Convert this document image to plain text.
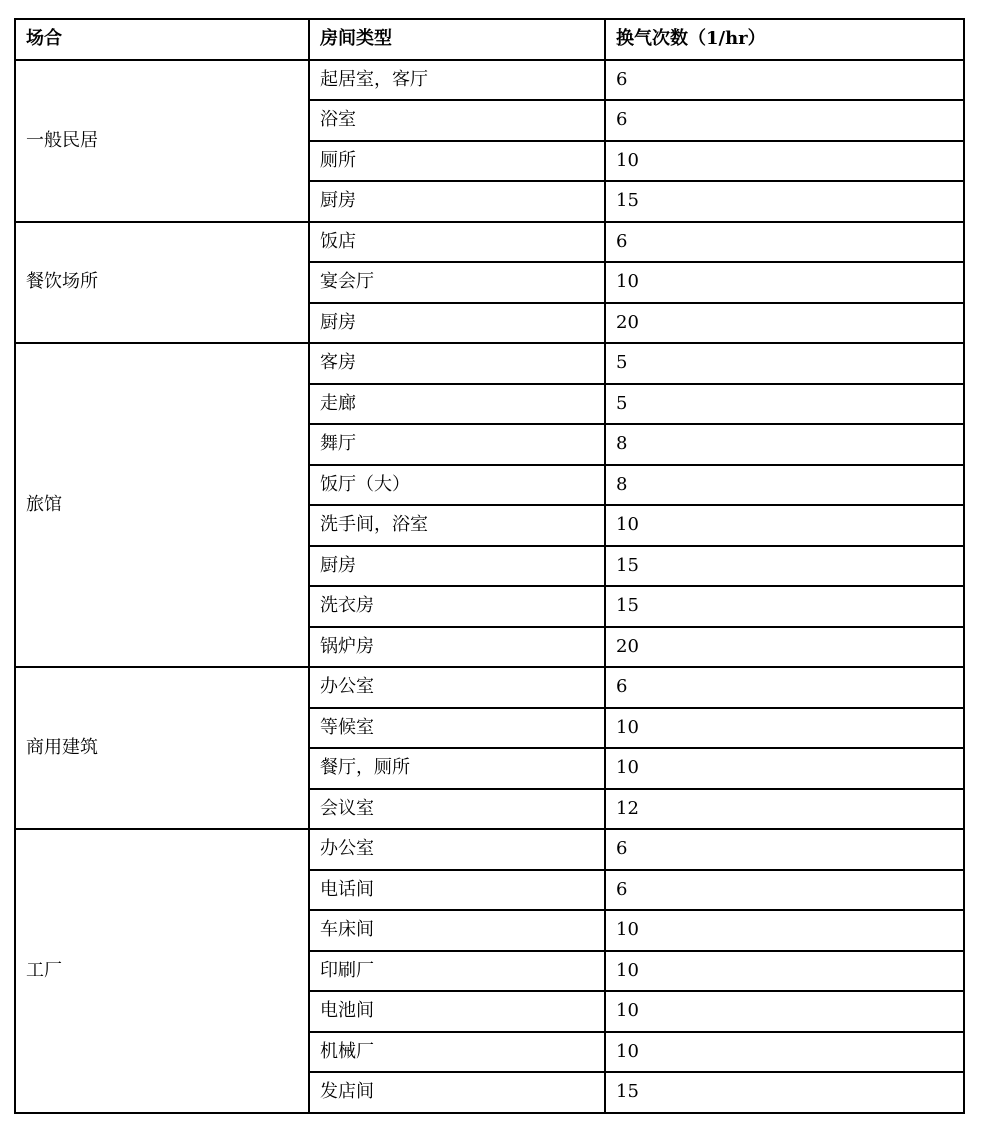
场合	房间类型	换气次数（1/hr）
一般民居	起居室，客厅	6
	浴室	6
	厕所	10
	厨房	15
餐饮场所	饭店	6
	宴会厅	10
	厨房	20
旅馆	客房	5
	走廊	5
	舞厅	8
	饭厅（大）	8
	洗手间，浴室	10
	厨房	15
	洗衣房	15
	锅炉房	20
商用建筑	办公室	6
	等候室	10
	餐厅，厕所	10
	会议室	12
工厂	办公室	6
	电话间	6
	车床间	10
	印刷厂	10
	电池间	10
	机械厂	10
	发店间	15
